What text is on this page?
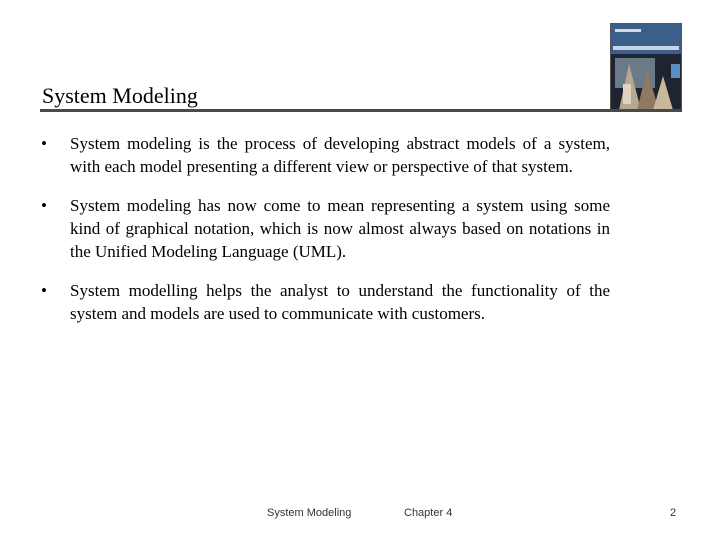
System Modeling
•	System modeling is the process of developing abstract models of a system, with each model presenting a different view or perspective of that system.
•	System modeling has now come to mean representing a system using some kind of graphical notation, which is now almost always based on notations in the Unified Modeling Language (UML).
•	System modelling helps the analyst to understand the functionality of the system and models are used to communicate with customers.
System Modeling	Chapter 4	2
